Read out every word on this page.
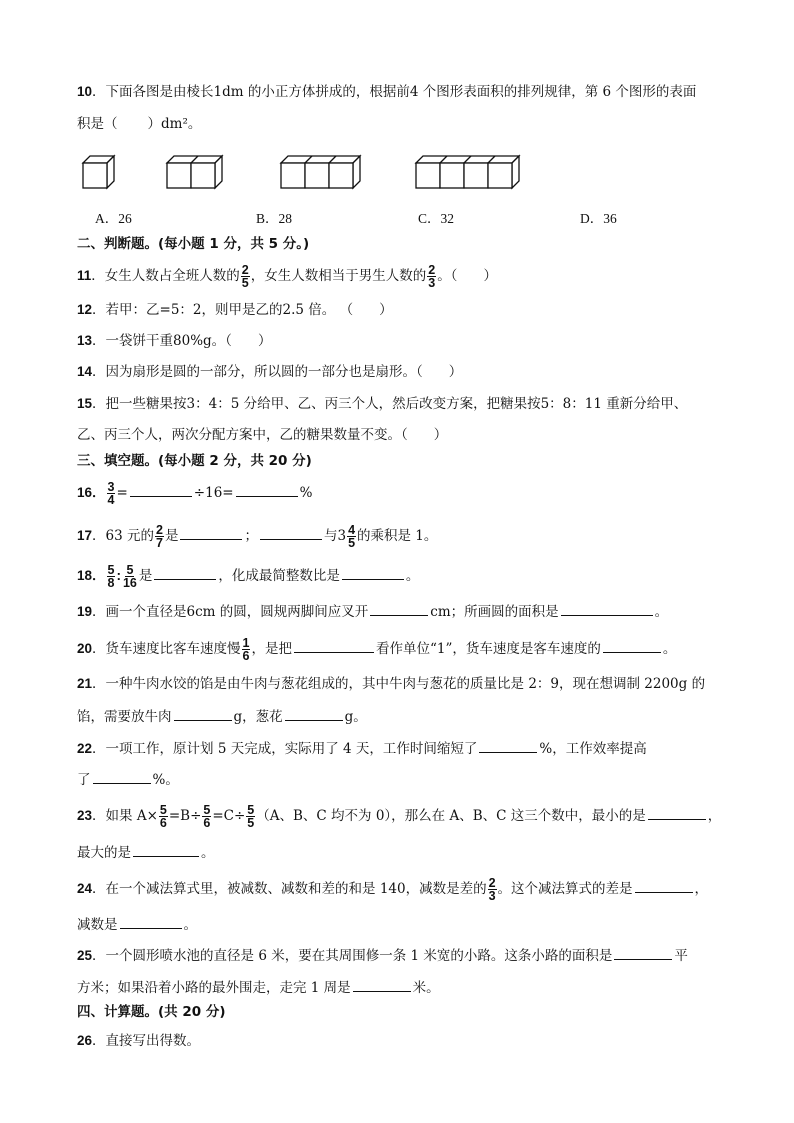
10．下面各图是由棱长1dm 的小正方体拼成的，根据前4 个图形表面积的排列规律，第 6 个图形的表面
积是（ ）dm²。
A．26	B．28	C．32	D．36
二、判断题。(每小题 1 分，共 5 分。)
11．女生人数占全班人数的 $\frac{2}{5}$ ，女生人数相当于男生人数的 $\frac{2}{3}$ 。（ ）
12．若甲：乙=5：2，则甲是乙的2.5 倍。 （ ）
13．一袋饼干重80%g。（ ）
14．因为扇形是圆的一部分，所以圆的一部分也是扇形。（ ）
15．把一些糖果按3：4：5 分给甲、乙、丙三个人，然后改变方案，把糖果按5：8：11 重新分给甲、
乙、丙三个人，两次分配方案中，乙的糖果数量不变。（ ）
三、填空题。(每小题 2 分，共 20 分)
16． $\frac{3}{4}$ =	÷16=	%
17．63 元的 $\frac{2}{7}$ 是	；	与$3 \frac{4}{5}$ 的乘积是 1。
18． $\frac{5}{8}$ : $\frac{5}{16}$ 是	，化成最简整数比是	。
19．画一个直径是6cm 的圆，圆规两脚间应叉开	cm；所画圆的面积是	。
20．货车速度比客车速度慢 $\frac{1}{6}$ ，是把	看作单位“1”，货车速度是客车速度的	。
21．一种牛肉水饺的馅是由牛肉与葱花组成的，其中牛肉与葱花的质量比是 2：9，现在想调制 2200g 的
馅，需要放牛肉	g，葱花	g。
22．一项工作，原计划 5 天完成，实际用了 4 天，工作时间缩短了	%，工作效率提高
了	%。
23．如果 $A\times \frac{5}{6} =B\div \frac{5}{6} =C\div \frac{5}{5} (A$、B、C 均不为 0），那么在 A、B、C 这三个数中，最小的是	，
最大的是	。
24．在一个减法算式里，被减数、减数和差的和是 140，减数是差的 $\frac{2}{3}$ 。这个减法算式的差是	，
减数是	。
25．一个圆形喷水池的直径是 6 米，要在其周围修一条 1 米宽的小路。这条小路的面积是	平
方米；如果沿着小路的最外围走，走完 1 周是	米。
四、计算题。(共 20 分)
26．直接写出得数。
